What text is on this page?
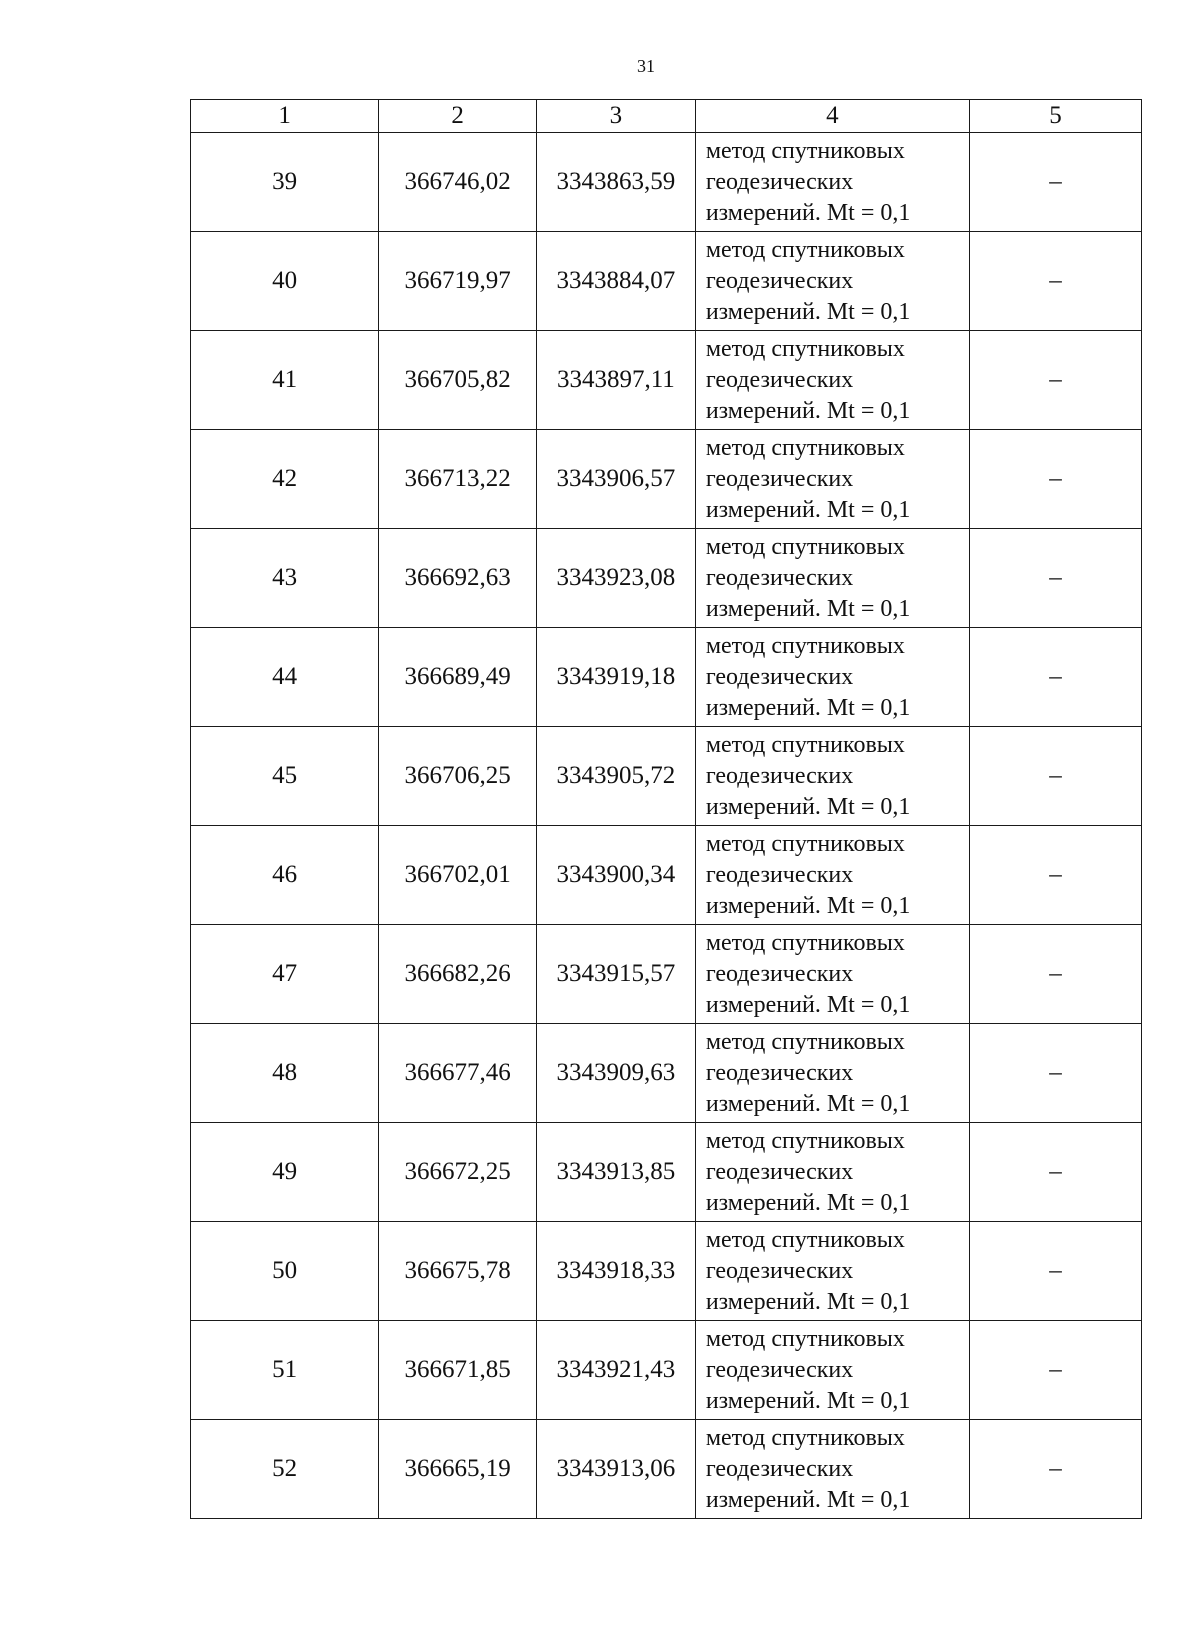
31
1	2	3	4	5
39	366746,02	3343863,59	метод спутниковых
геодезических
измерений. Mt = 0,1	–
40	366719,97	3343884,07	метод спутниковых
геодезических
измерений. Mt = 0,1	–
41	366705,82	3343897,11	метод спутниковых
геодезических
измерений. Mt = 0,1	–
42	366713,22	3343906,57	метод спутниковых
геодезических
измерений. Mt = 0,1	–
43	366692,63	3343923,08	метод спутниковых
геодезических
измерений. Mt = 0,1	–
44	366689,49	3343919,18	метод спутниковых
геодезических
измерений. Mt = 0,1	–
45	366706,25	3343905,72	метод спутниковых
геодезических
измерений. Mt = 0,1	–
46	366702,01	3343900,34	метод спутниковых
геодезических
измерений. Mt = 0,1	–
47	366682,26	3343915,57	метод спутниковых
геодезических
измерений. Mt = 0,1	–
48	366677,46	3343909,63	метод спутниковых
геодезических
измерений. Mt = 0,1	–
49	366672,25	3343913,85	метод спутниковых
геодезических
измерений. Mt = 0,1	–
50	366675,78	3343918,33	метод спутниковых
геодезических
измерений. Mt = 0,1	–
51	366671,85	3343921,43	метод спутниковых
геодезических
измерений. Mt = 0,1	–
52	366665,19	3343913,06	метод спутниковых
геодезических
измерений. Mt = 0,1	–
